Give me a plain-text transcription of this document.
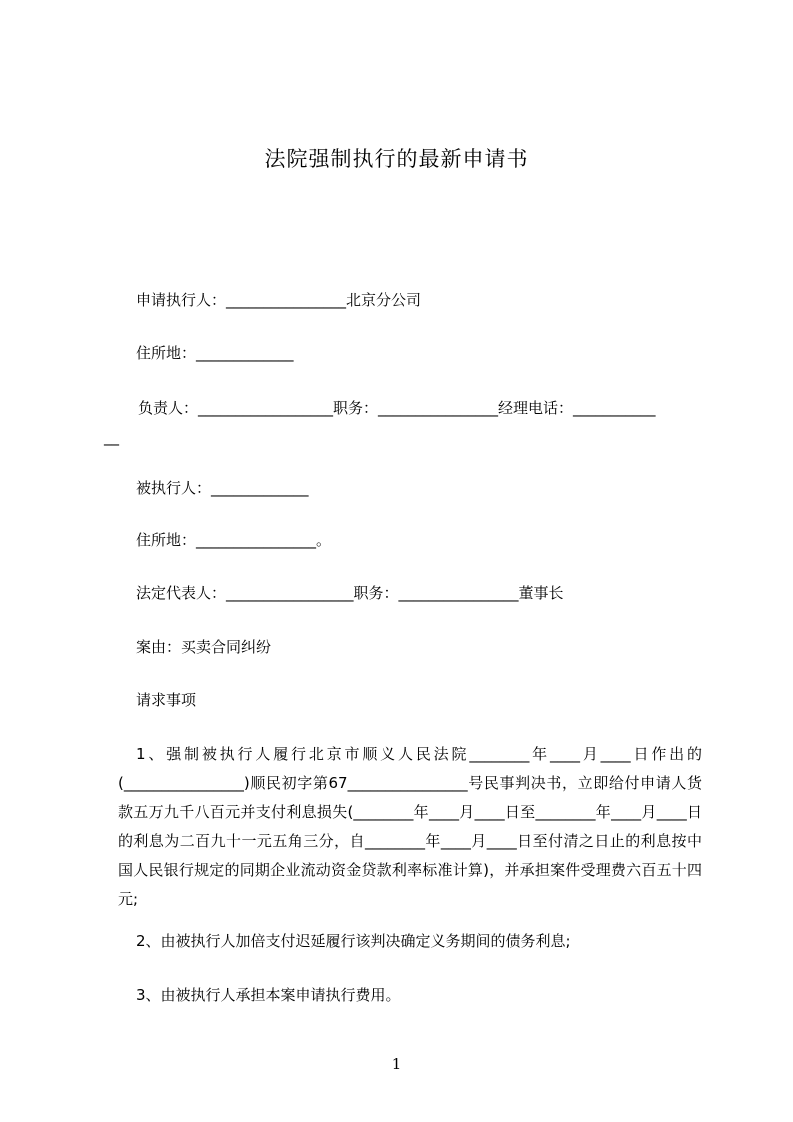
法院强制执行的最新申请书
申请执行人：________________北京分公司
住所地：_____________
负责人：__________________职务：________________经理电话：___________
__
被执行人：_____________
住所地：________________。
法定代表人：_________________职务：________________董事长
案由：买卖合同纠纷
请求事项
1、强制被执行人履行北京市顺义人民法院________年____月____日作出的(________________)顺民初字第67________________号民事判决书，立即给付申请人货款五万九千八百元并支付利息损失(________年____月____日至________年____月____日的利息为二百九十一元五角三分，自________年____月____日至付清之日止的利息按中国人民银行规定的同期企业流动资金贷款利率标准计算)，并承担案件受理费六百五十四元;
2、由被执行人加倍支付迟延履行该判决确定义务期间的债务利息;
3、由被执行人承担本案申请执行费用。
1
